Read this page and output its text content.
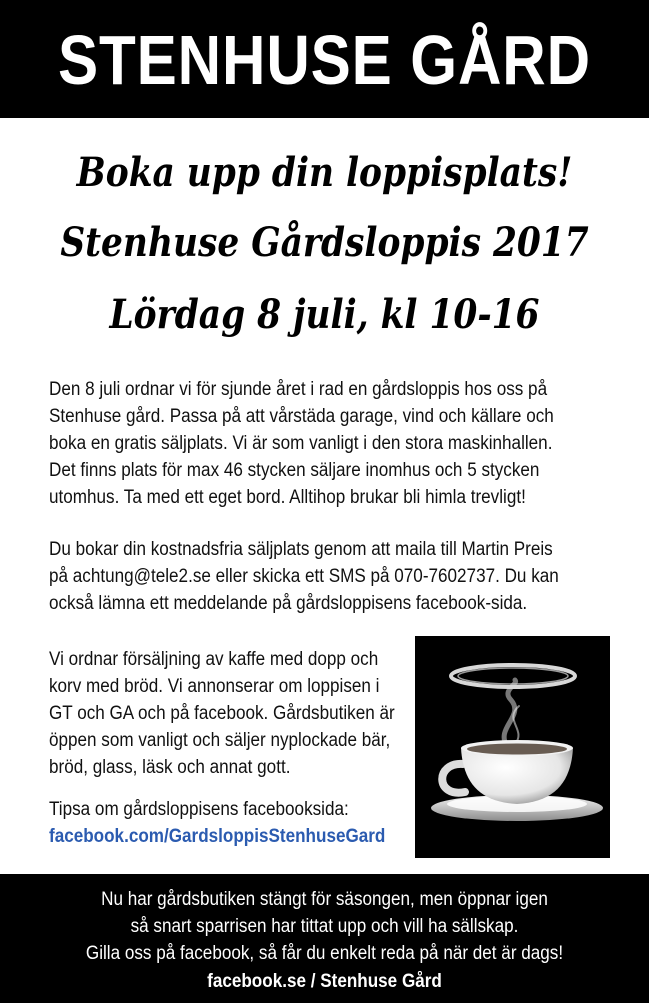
STENHUSE GÅRD
Boka upp din loppisplats!
Stenhuse Gårdsloppis 2017
Lördag 8 juli, kl 10-16
Den 8 juli ordnar vi för sjunde året i rad en gårdsloppis hos oss på
Stenhuse gård. Passa på att vårstäda garage, vind och källare och
boka en gratis säljplats. Vi är som vanligt i den stora maskinhallen.
Det finns plats för max 46 stycken säljare inomhus och 5 stycken
utomhus. Ta med ett eget bord. Alltihop brukar bli himla trevligt!
Du bokar din kostnadsfria säljplats genom att maila till Martin Preis
på achtung@tele2.se eller skicka ett SMS på 070-7602737. Du kan
också lämna ett meddelande på gårdsloppisens facebook-sida.
Vi ordnar försäljning av kaffe med dopp och
korv med bröd. Vi annonserar om loppisen i
GT och GA och på facebook. Gårdsbutiken är
öppen som vanligt och säljer nyplockade bär,
bröd, glass, läsk och annat gott.
Tipsa om gårdsloppisens facebooksida:
facebook.com/GardsloppisStenhuseGard
Nu har gårdsbutiken stängt för säsongen, men öppnar igen
så snart sparrisen har tittat upp och vill ha sällskap.
Gilla oss på facebook, så får du enkelt reda på när det är dags!
facebook.se / Stenhuse Gård
